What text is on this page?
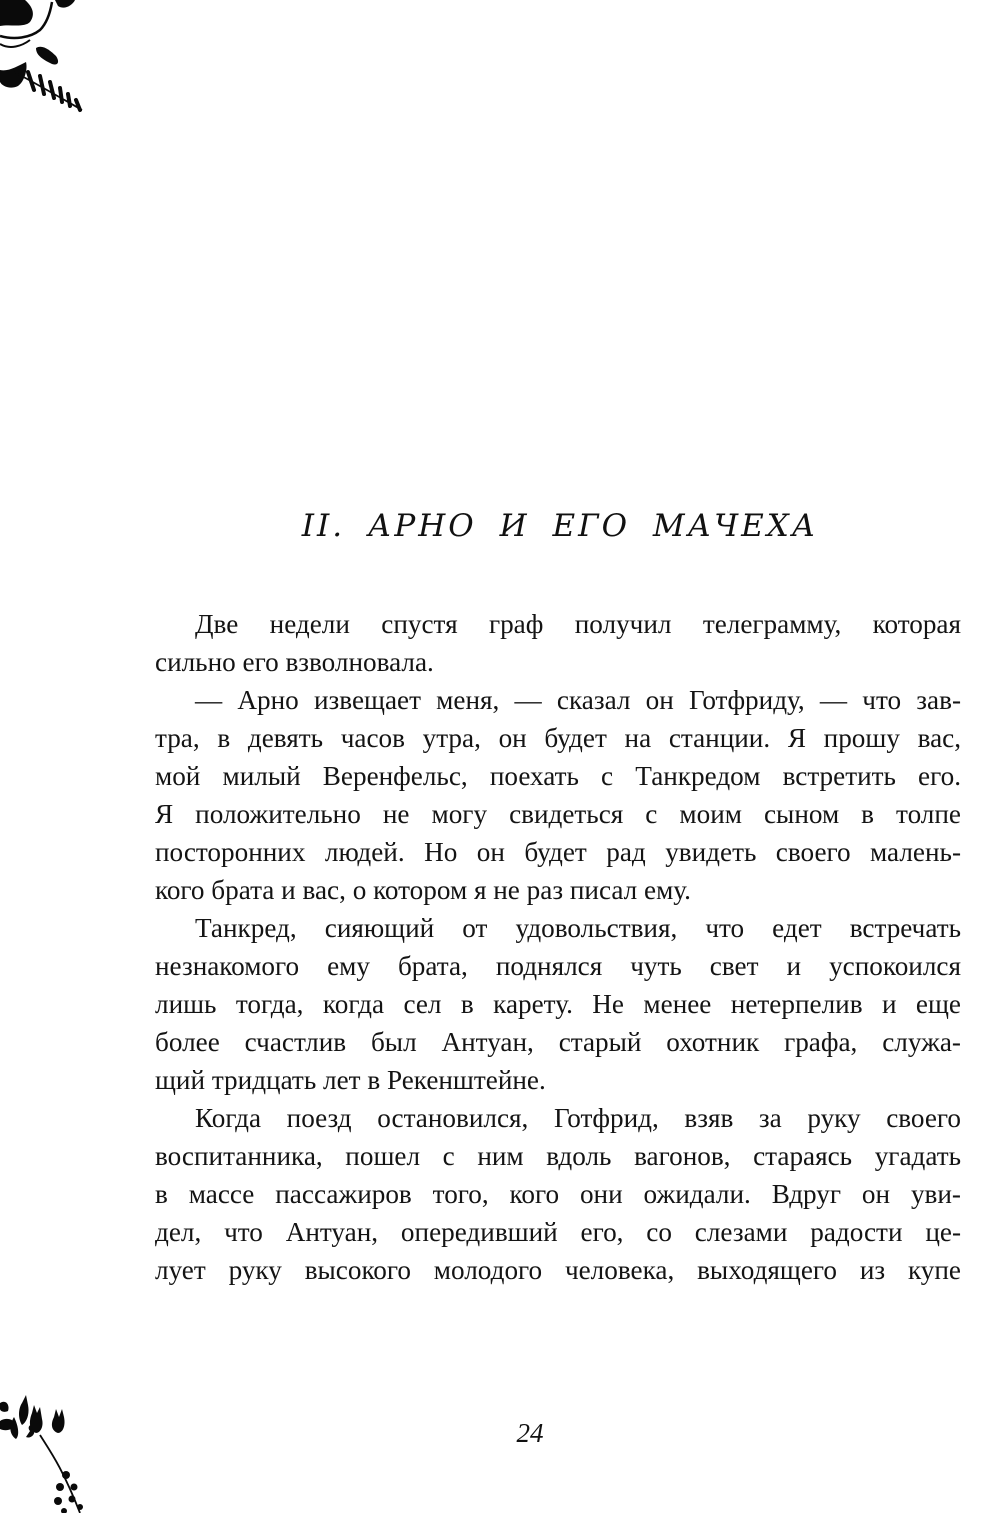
II. АРНО И ЕГО МАЧЕХА
Две недели спустя граф получил телеграмму, которая
сильно его взволновала.
— Арно извещает меня, — сказал он Готфриду, — что зав-
тра, в девять часов утра, он будет на станции. Я прошу вас,
мой милый Веренфельс, поехать с Танкредом встретить его.
Я положительно не могу свидеться с моим сыном в толпе
посторонних людей. Но он будет рад увидеть своего малень-
кого брата и вас, о котором я не раз писал ему.
Танкред, сияющий от удовольствия, что едет встречать
незнакомого ему брата, поднялся чуть свет и успокоился
лишь тогда, когда сел в карету. Не менее нетерпелив и еще
более счастлив был Антуан, старый охотник графа, служа-
щий тридцать лет в Рекенштейне.
Когда поезд остановился, Готфрид, взяв за руку своего
воспитанника, пошел с ним вдоль вагонов, стараясь угадать
в массе пассажиров того, кого они ожидали. Вдруг он уви-
дел, что Антуан, опередивший его, со слезами радости це-
лует руку высокого молодого человека, выходящего из купе
24
